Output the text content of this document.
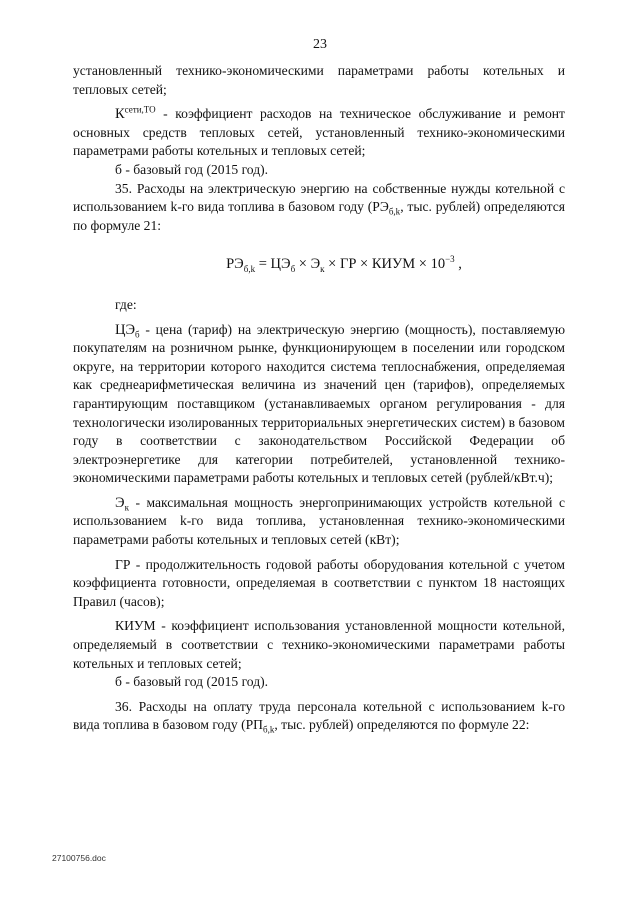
23

установленный технико-экономическими параметрами работы котельных и тепловых сетей;

$К^{сети,ТО}$ - коэффициент расходов на техническое обслуживание и ремонт основных средств тепловых сетей, установленный технико-экономическими параметрами работы котельных и тепловых сетей;

б - базовый год (2015 год).

35. Расходы на электрическую энергию на собственные нужды котельной с использованием k-го вида топлива в базовом году ($РЭ_{б,k}$, тыс. рублей) определяются по формуле 21:

$РЭ_{б,k} = ЦЭ_б \times Э_к$ × ГР × КИУМ × $10^{-3}$ ,

где:

$ЦЭ_б$ - цена (тариф) на электрическую энергию (мощность), поставляемую покупателям на розничном рынке, функционирующем в поселении или городском округе, на территории которого находится система теплоснабжения, определяемая как среднеарифметическая величина из значений цен (тарифов), определяемых гарантирующим поставщиком (устанавливаемых органом регулирования - для технологически изолированных территориальных энергетических систем) в базовом году в соответствии с законодательством Российской Федерации об электроэнергетике для категории потребителей, установленной технико-экономическими параметрами работы котельных и тепловых сетей (рублей/кВт.ч);

$Э_к$ - максимальная мощность энергопринимающих устройств котельной с использованием k-го вида топлива, установленная технико-экономическими параметрами работы котельных и тепловых сетей (кВт);

ГР - продолжительность годовой работы оборудования котельной с учетом коэффициента готовности, определяемая в соответствии с пунктом 18 настоящих Правил (часов);

КИУМ - коэффициент использования установленной мощности котельной, определяемый в соответствии с технико-экономическими параметрами работы котельных и тепловых сетей;

б - базовый год (2015 год).

36. Расходы на оплату труда персонала котельной с использованием k-го вида топлива в базовом году ($РП_{б,k}$, тыс. рублей) определяются по формуле 22:

27100756.doc
